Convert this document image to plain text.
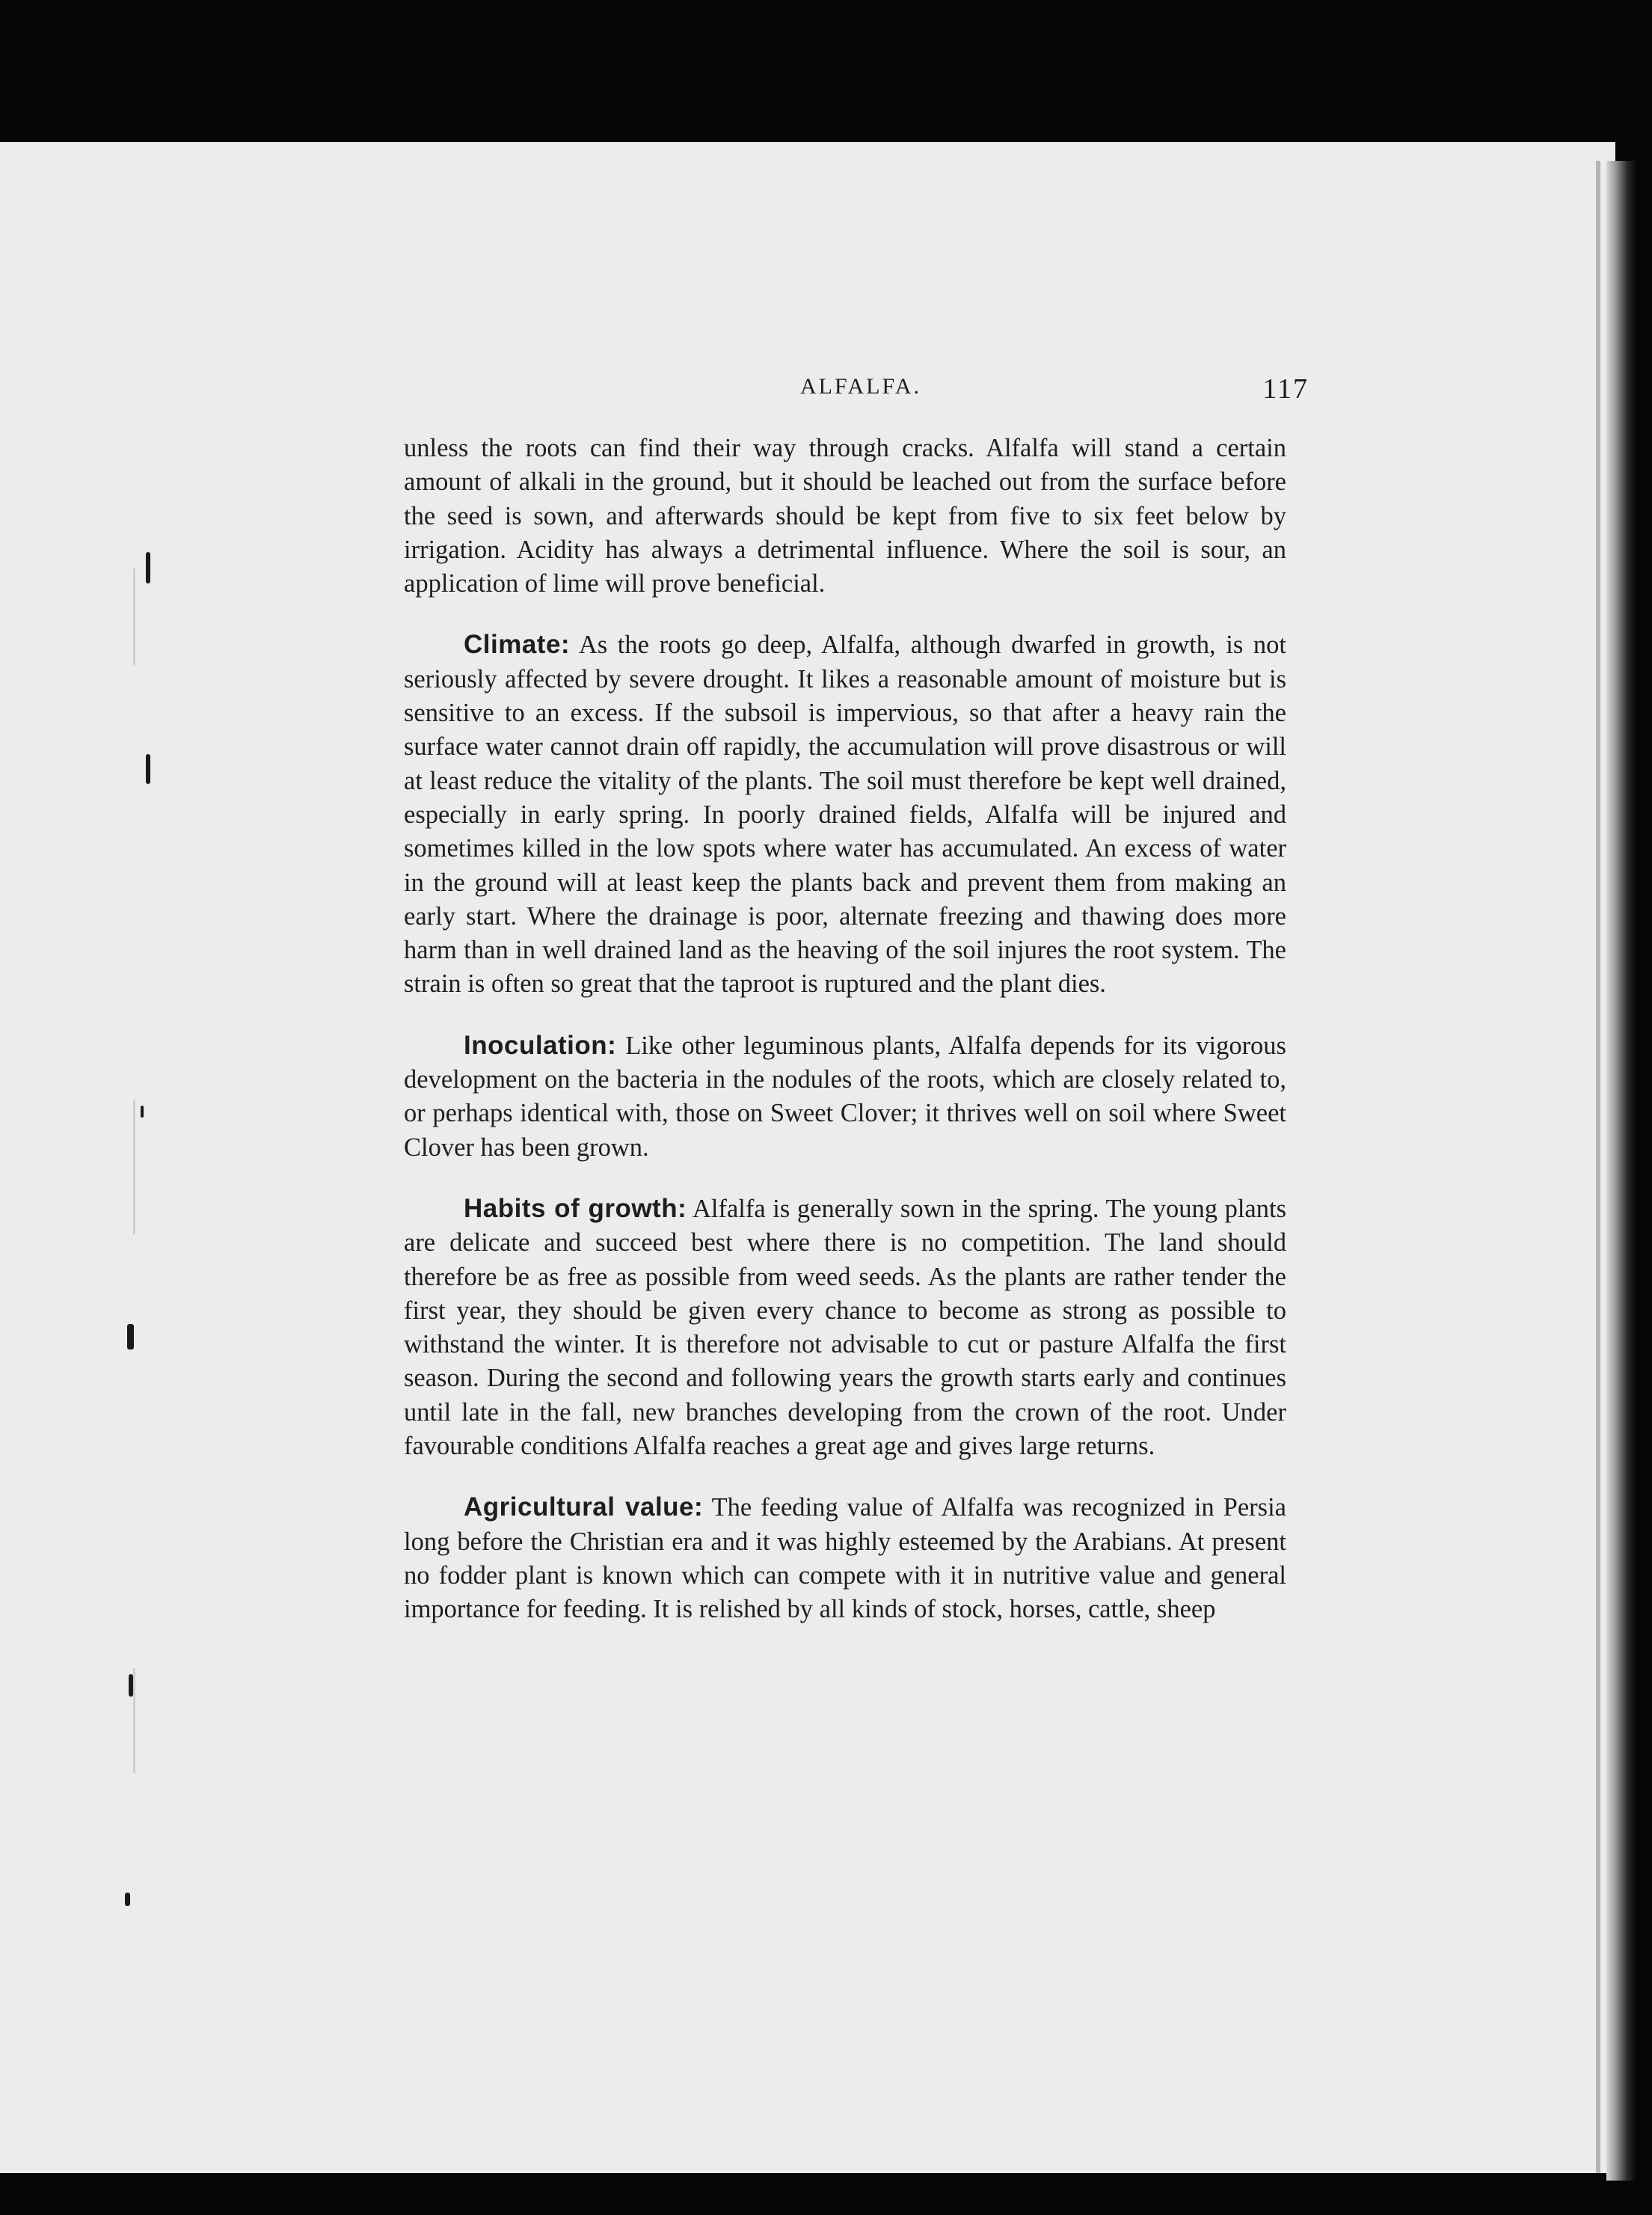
ALFALFA.	117

unless the roots can find their way through cracks. Alfalfa will stand a certain amount of alkali in the ground, but it should be leached out from the surface before the seed is sown, and afterwards should be kept from five to six feet below by irrigation. Acidity has always a detrimental influence. Where the soil is sour, an application of lime will prove beneficial.

Climate: As the roots go deep, Alfalfa, although dwarfed in growth, is not seriously affected by severe drought. It likes a reasonable amount of moisture but is sensitive to an excess. If the subsoil is impervious, so that after a heavy rain the surface water cannot drain off rapidly, the accumulation will prove disastrous or will at least reduce the vitality of the plants. The soil must therefore be kept well drained, especially in early spring. In poorly drained fields, Alfalfa will be injured and sometimes killed in the low spots where water has accumulated. An excess of water in the ground will at least keep the plants back and prevent them from making an early start. Where the drainage is poor, alternate freezing and thawing does more harm than in well drained land as the heaving of the soil injures the root system. The strain is often so great that the taproot is ruptured and the plant dies.

Inoculation: Like other leguminous plants, Alfalfa depends for its vigorous development on the bacteria in the nodules of the roots, which are closely related to, or perhaps identical with, those on Sweet Clover; it thrives well on soil where Sweet Clover has been grown.

Habits of growth: Alfalfa is generally sown in the spring. The young plants are delicate and succeed best where there is no competition. The land should therefore be as free as possible from weed seeds. As the plants are rather tender the first year, they should be given every chance to become as strong as possible to withstand the winter. It is therefore not advisable to cut or pasture Alfalfa the first season. During the second and following years the growth starts early and continues until late in the fall, new branches developing from the crown of the root. Under favourable conditions Alfalfa reaches a great age and gives large returns.

Agricultural value: The feeding value of Alfalfa was recognized in Persia long before the Christian era and it was highly esteemed by the Arabians. At present no fodder plant is known which can compete with it in nutritive value and general importance for feeding. It is relished by all kinds of stock, horses, cattle, sheep
